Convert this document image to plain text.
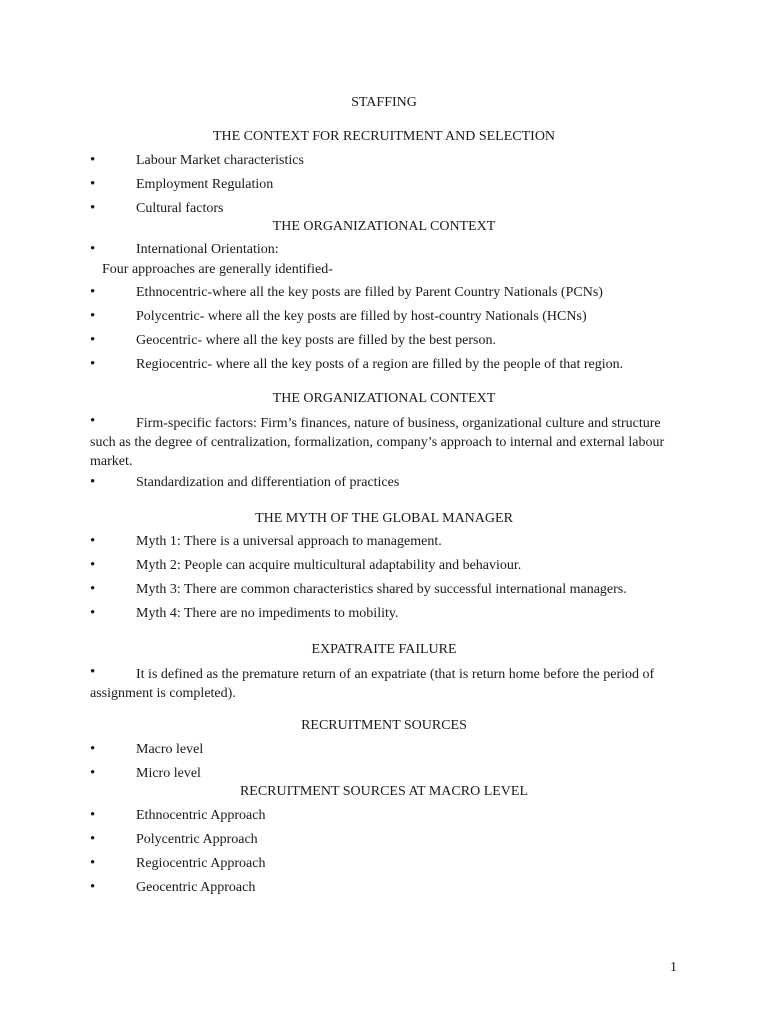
STAFFING
THE CONTEXT FOR RECRUITMENT AND SELECTION
•	Labour Market characteristics
•	Employment Regulation
•	Cultural factors
THE ORGANIZATIONAL CONTEXT
•	International Orientation:
Four approaches are generally identified-
•	Ethnocentric-where all the key posts are filled by Parent Country Nationals (PCNs)
•	Polycentric- where all the key posts are filled by host-country Nationals (HCNs)
•	Geocentric- where all the key posts are filled by the best person.
•	Regiocentric- where all the key posts of a region are filled by the people of that region.
THE ORGANIZATIONAL CONTEXT
•	Firm-specific factors: Firm’s finances, nature of business, organizational culture and structure such as the degree of centralization, formalization, company’s approach to internal and external labour market.
•	Standardization and differentiation of practices
THE MYTH OF THE GLOBAL MANAGER
•	Myth 1: There is a universal approach to management.
•	Myth 2: People can acquire multicultural adaptability and behaviour.
•	Myth 3: There are common characteristics shared by successful international managers.
•	Myth 4: There are no impediments to mobility.
EXPATRAITE FAILURE
•	It is defined as the premature return of an expatriate (that is return home before the period of assignment is completed).
RECRUITMENT SOURCES
•	Macro level
•	Micro level
RECRUITMENT SOURCES AT MACRO LEVEL
•	Ethnocentric Approach
•	Polycentric Approach
•	Regiocentric Approach
•	Geocentric Approach
1
